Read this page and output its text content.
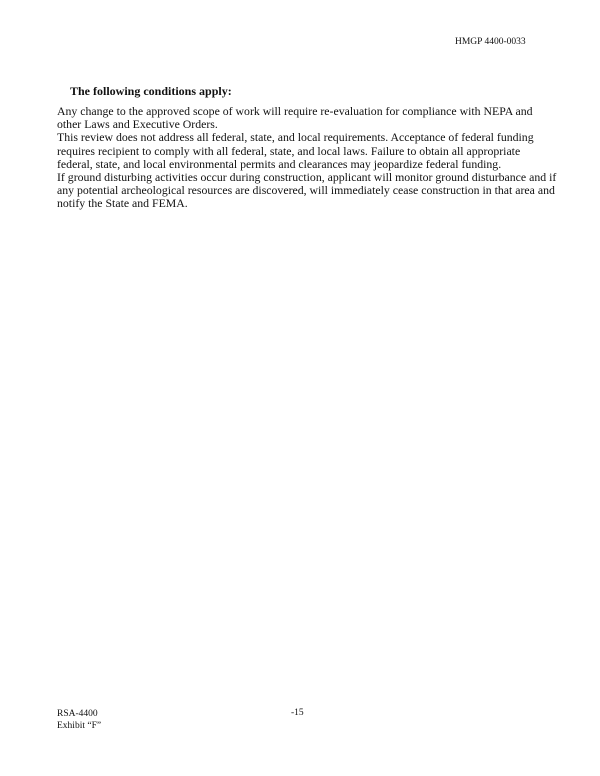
HMGP 4400-0033
The following conditions apply:

Any change to the approved scope of work will require re-evaluation for compliance with NEPA and other Laws and Executive Orders.

This review does not address all federal, state, and local requirements. Acceptance of federal funding requires recipient to comply with all federal, state, and local laws. Failure to obtain all appropriate federal, state, and local environmental permits and clearances may jeopardize federal funding.

If ground disturbing activities occur during construction, applicant will monitor ground disturbance and if any potential archeological resources are discovered, will immediately cease construction in that area and notify the State and FEMA.

RSA-4400
Exhibit “F”
-15
